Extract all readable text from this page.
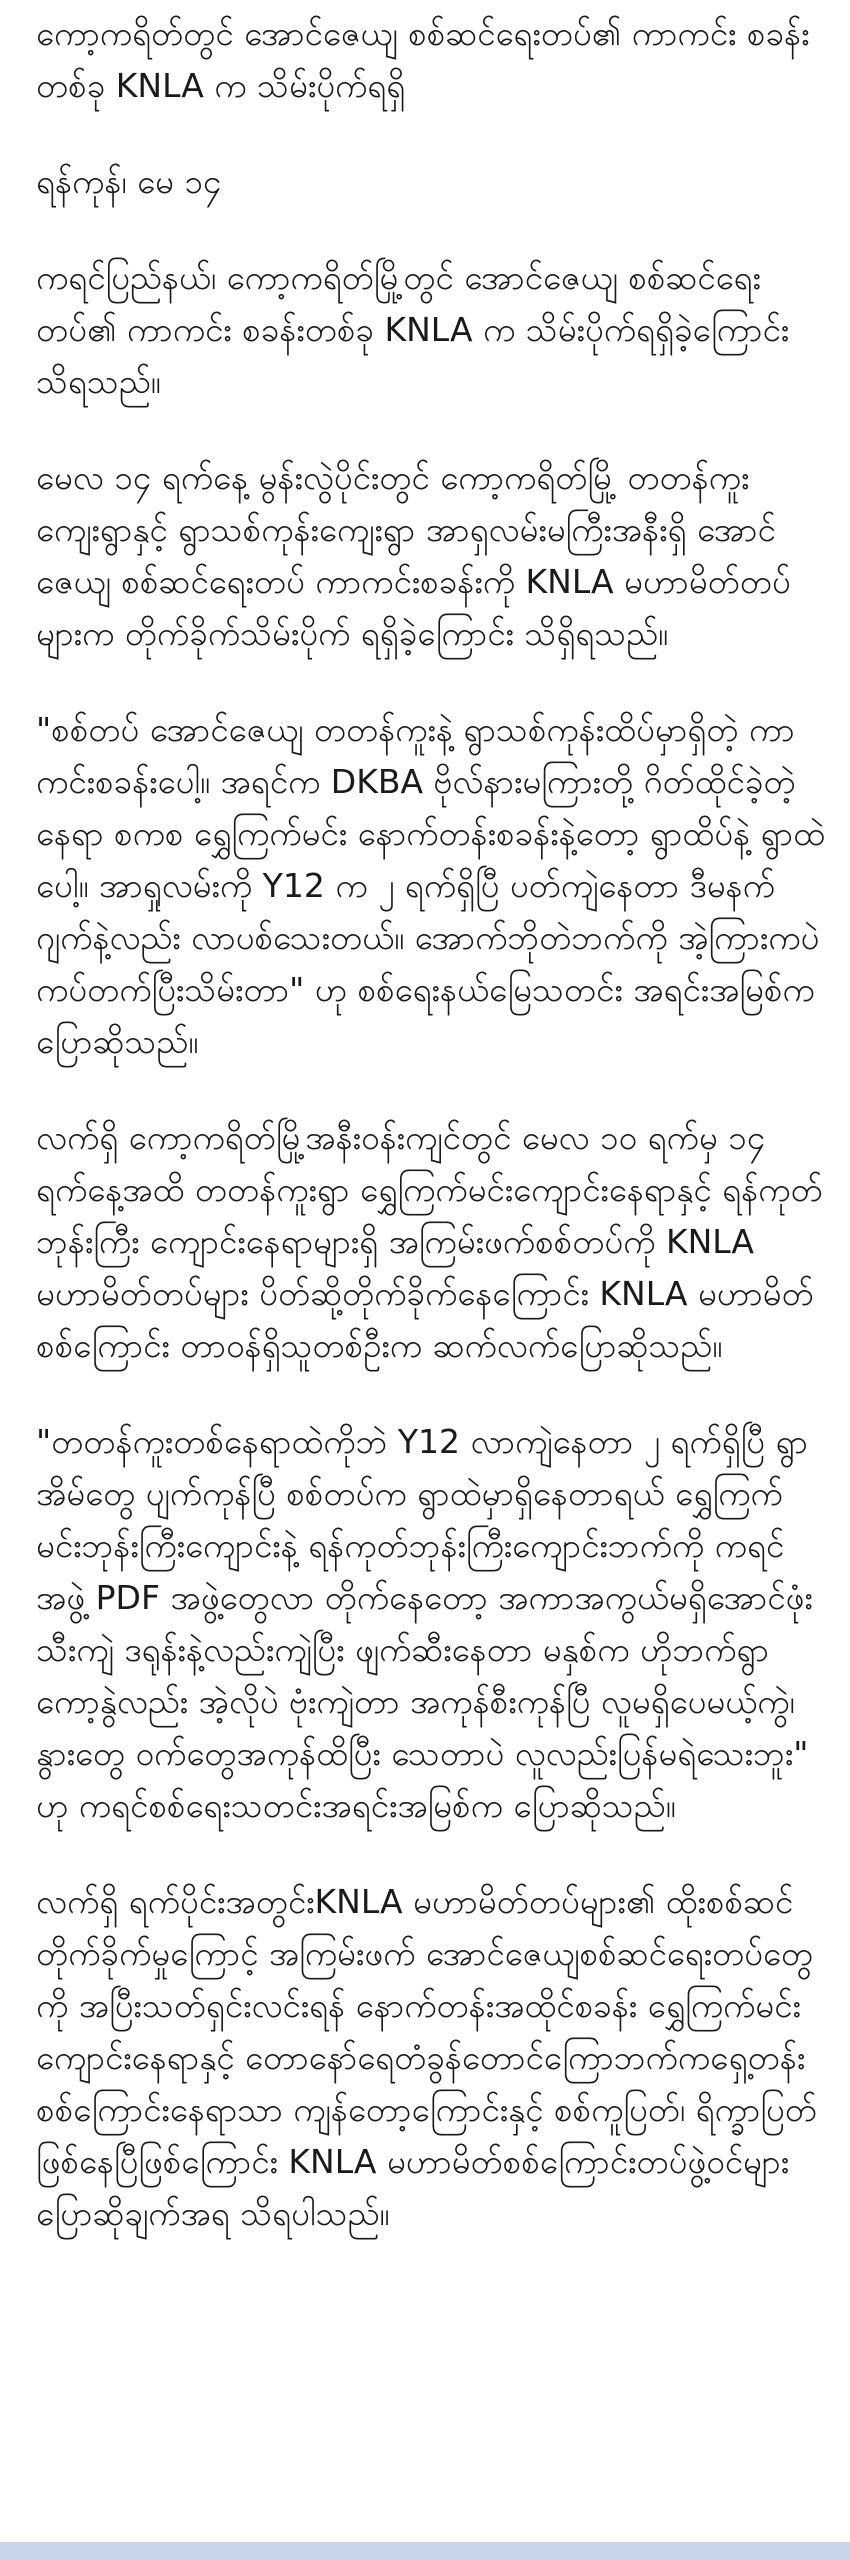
ကော့ကရိတ်တွင် အောင်ဇေယျ စစ်ဆင်ရေးတပ်၏ ကာကင်း စခန်းတစ်ခု KNLA က သိမ်းပိုက်ရရှိ

ရန်ကုန်၊ မေ ၁၄

ကရင်ပြည်နယ်၊ ကော့ကရိတ်မြို့တွင် အောင်ဇေယျ စစ်ဆင်ရေးတပ်၏ ကာကင်း စခန်းတစ်ခု KNLA က သိမ်းပိုက်ရရှိခဲ့ကြောင်း သိရသည်။

မေလ ၁၄ ရက်နေ့ မွန်းလွဲပိုင်းတွင် ကော့ကရိတ်မြို့ တတန်ကူးကျေးရွာနှင့် ရွာသစ်ကုန်းကျေးရွာ အာရှလမ်းမကြီးအနီးရှိ အောင်ဇေယျ စစ်ဆင်ရေးတပ် ကာကင်းစခန်းကို KNLA မဟာမိတ်တပ်များက တိုက်ခိုက်သိမ်းပိုက် ရရှိခဲ့ကြောင်း သိရှိရသည်။

"စစ်တပ် အောင်ဇေယျ တတန်ကူးနဲ့ ရွာသစ်ကုန်းထိပ်မှာရှိတဲ့ ကာကင်းစခန်းပေါ့။ အရင်က DKBA ဗိုလ်နားမကြားတို့ ဂိတ်ထိုင်ခဲ့တဲ့နေရာ စကစ ရွှေကြက်မင်း နောက်တန်းစခန်းနဲ့တော့ ရွာထိပ်နဲ့ ရွာထဲပေါ့။ အာရှုလမ်းကို Y12 က ၂ ရက်ရှိပြီ ပတ်ကျဲနေတာ ဒီမနက် ဂျက်နဲ့လည်း လာပစ်သေးတယ်။ အောက်ဘိုတဲဘက်ကို အဲ့ကြားကပဲ ကပ်တက်ပြီးသိမ်းတာ" ဟု စစ်ရေးနယ်မြေသတင်း အရင်းအမြစ်က ပြောဆိုသည်။

လက်ရှိ ကော့ကရိတ်မြို့အနီးဝန်းကျင်တွင် မေလ ၁၀ ရက်မှ ၁၄ ရက်နေ့အထိ တတန်ကူးရွာ ရွှေကြက်မင်းကျောင်းနေရာနှင့် ရန်ကုတ်ဘုန်းကြီး ကျောင်းနေရာများရှိ အကြမ်းဖက်စစ်တပ်ကို KNLA မဟာမိတ်တပ်များ ပိတ်ဆို့တိုက်ခိုက်နေကြောင်း KNLA မဟာမိတ် စစ်ကြောင်း တာဝန်ရှိသူတစ်ဦးက ဆက်လက်ပြောဆိုသည်။

"တတန်ကူးတစ်နေရာထဲကိုဘဲ Y12 လာကျဲနေတာ ၂ ရက်ရှိပြီ ရွာအိမ်တွေ ပျက်ကုန်ပြီ စစ်တပ်က ရွာထဲမှာရှိနေတာရယ် ရွှေကြက်မင်းဘုန်းကြီးကျောင်းနဲ့ ရန်ကုတ်ဘုန်းကြီးကျောင်းဘက်ကို ကရင်အဖွဲ့ PDF အဖွဲ့တွေလာ တိုက်နေတော့ အကာအကွယ်မရှိအောင်ဖုံးသီးကျဲ ဒရုန်းနဲ့လည်းကျဲပြီး ဖျက်ဆီးနေတာ မနှစ်က ဟိုဘက်ရွာကော့နွဲလည်း အဲ့လိုပဲ ဗုံးကျဲတာ အကုန်စီးကုန်ပြီ လူမရှိပေမယ့်ကွဲ၊ နွားတွေ ဝက်တွေအကုန်ထိပြီး သေတာပဲ လူလည်းပြန်မရဲသေးဘူး" ဟု ကရင်စစ်ရေးသတင်းအရင်းအမြစ်က ပြောဆိုသည်။

လက်ရှိ ရက်ပိုင်းအတွင်းKNLA မဟာမိတ်တပ်များ၏ ထိုးစစ်ဆင်တိုက်ခိုက်မှုကြောင့် အကြမ်းဖက် အောင်ဇေယျစစ်ဆင်ရေးတပ်တွေကို အပြီးသတ်ရှင်းလင်းရန် နောက်တန်းအထိုင်စခန်း ရွှေကြက်မင်းကျောင်းနေရာနှင့် တောနော်ရေတံခွန်တောင်ကြောဘက်ကရှေ့တန်း စစ်ကြောင်းနေရာသာ ကျန်တော့ကြောင်းနှင့် စစ်ကူပြတ်၊ ရိက္ခာပြတ်ဖြစ်နေပြီဖြစ်ကြောင်း KNLA မဟာမိတ်စစ်ကြောင်းတပ်ဖွဲ့ဝင်များပြောဆိုချက်အရ သိရပါသည်။
